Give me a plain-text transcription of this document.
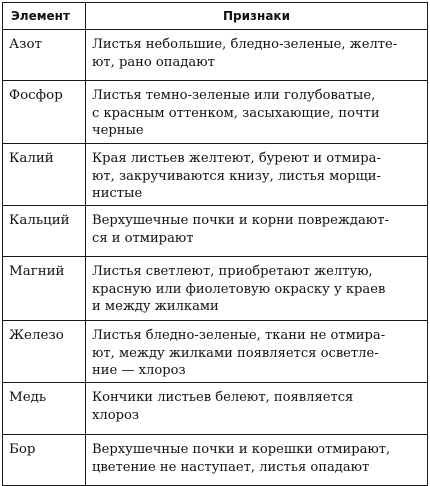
Элемент	Признаки
Азот	Листья небольшие, бледно-зеленые, желте-
ют, рано опадают

Фосфор	Листья темно-зеленые или голубоватые,
с красным оттенком, засыхающие, почти
черные

Калий	Края листьев желтеют, буреют и отмира-
ют, закручиваются книзу, листья морщи-
нистые

Кальций	Верхушечные почки и корни повреждают-
ся и отмирают

Магний	Листья светлеют, приобретают желтую,
красную или фиолетовую окраску у краев
и между жилками

Железо	Листья бледно-зеленые, ткани не отмира-
ют, между жилками появляется осветле-
ние — хлороз

Медь	Кончики листьев белеют, появляется
хлороз

Бор	Верхушечные почки и корешки отмирают,
цветение не наступает, листья опадают
